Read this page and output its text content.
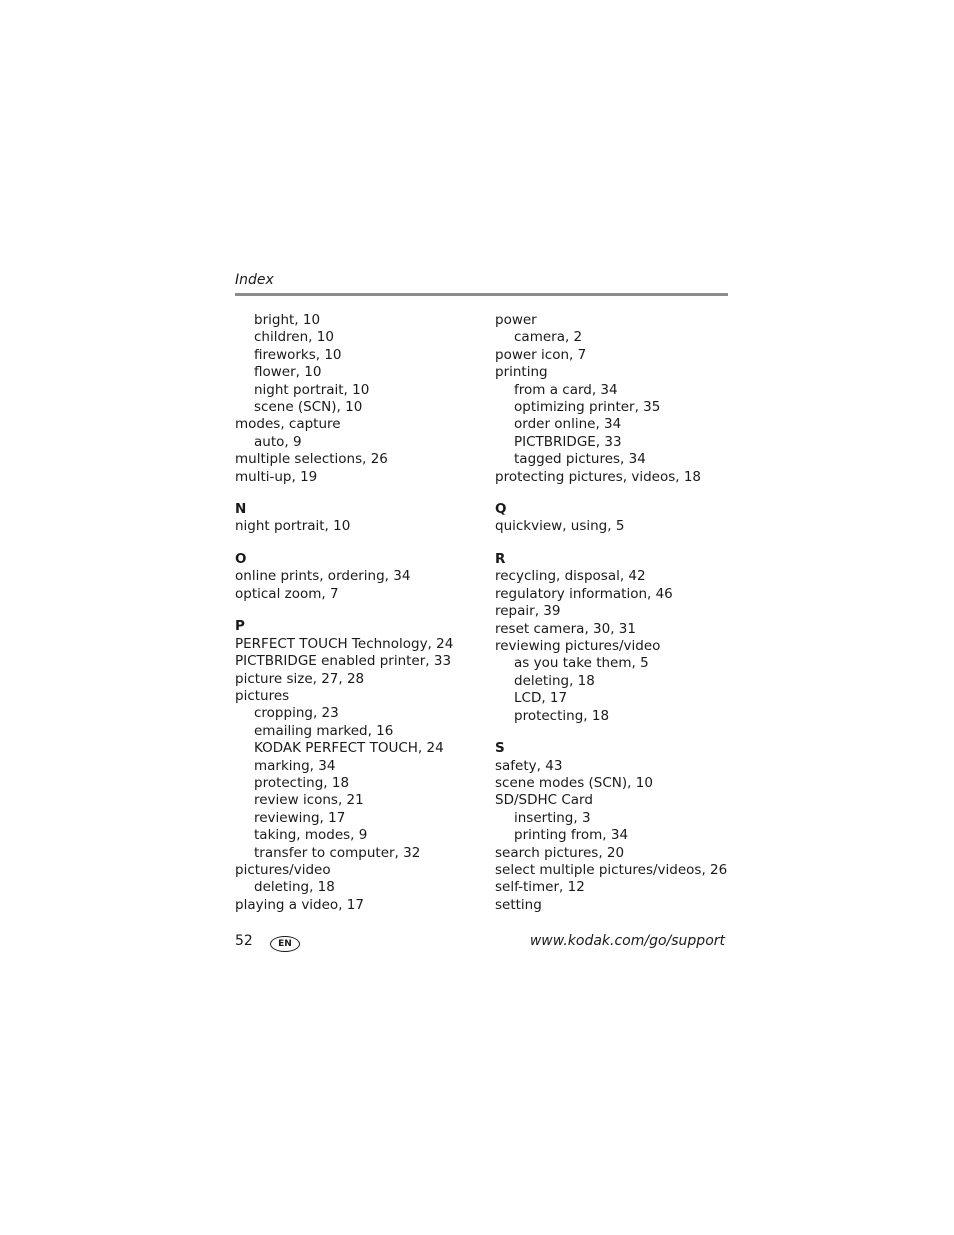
Index
bright, 10
children, 10
fireworks, 10
flower, 10
night portrait, 10
scene (SCN), 10
modes, capture
auto, 9
multiple selections, 26
multi-up, 19
N
night portrait, 10
O
online prints, ordering, 34
optical zoom, 7
P
PERFECT TOUCH Technology, 24
PICTBRIDGE enabled printer, 33
picture size, 27, 28
pictures
cropping, 23
emailing marked, 16
KODAK PERFECT TOUCH, 24
marking, 34
protecting, 18
review icons, 21
reviewing, 17
taking, modes, 9
transfer to computer, 32
pictures/video
deleting, 18
playing a video, 17
power
camera, 2
power icon, 7
printing
from a card, 34
optimizing printer, 35
order online, 34
PICTBRIDGE, 33
tagged pictures, 34
protecting pictures, videos, 18
Q
quickview, using, 5
R
recycling, disposal, 42
regulatory information, 46
repair, 39
reset camera, 30, 31
reviewing pictures/video
as you take them, 5
deleting, 18
LCD, 17
protecting, 18
S
safety, 43
scene modes (SCN), 10
SD/SDHC Card
inserting, 3
printing from, 34
search pictures, 20
select multiple pictures/videos, 26
self-timer, 12
setting
52	EN	www.kodak.com/go/support
